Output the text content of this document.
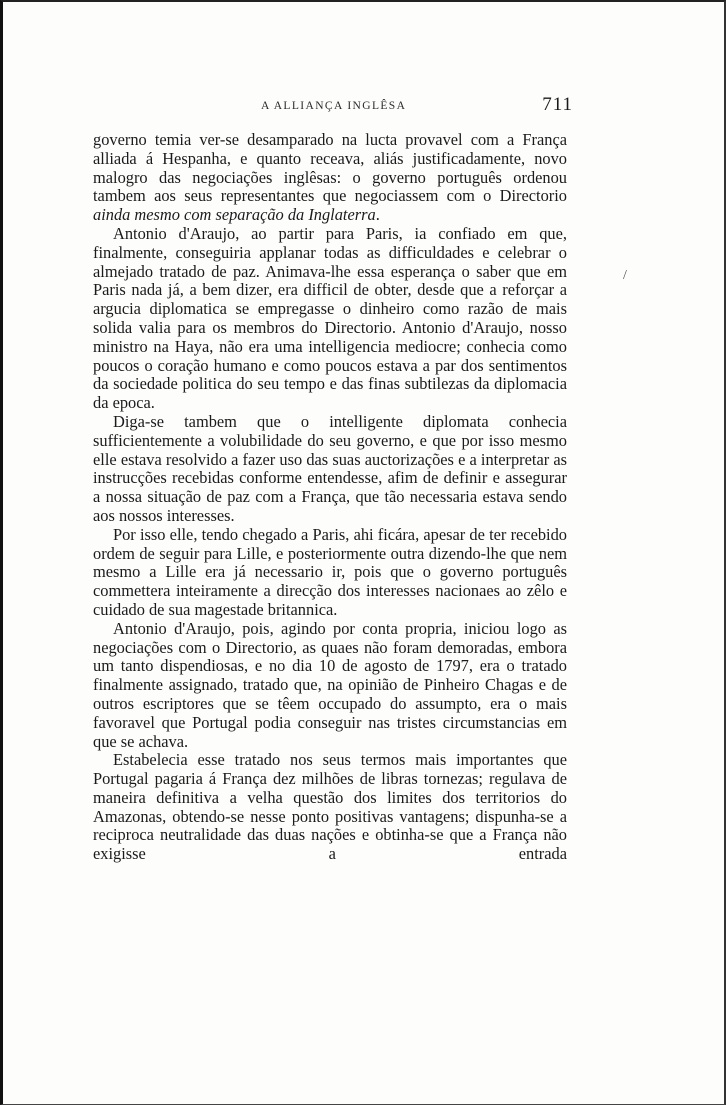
A ALLIANÇA INGLÊSA	711

governo temia ver-se desamparado na lucta provavel com a França alliada á Hespanha, e quanto receava, aliás justificadamente, novo malogro das negociações inglêsas: o governo português ordenou tambem aos seus representantes que negociassem com o Directorio ainda mesmo com separação da Inglaterra.

Antonio d'Araujo, ao partir para Paris, ia confiado em que, finalmente, conseguiria applanar todas as difficuldades e celebrar o almejado tratado de paz. Animava-lhe essa esperança o saber que em Paris nada já, a bem dizer, era difficil de obter, desde que a reforçar a argucia diplomatica se empregasse o dinheiro como razão de mais solida valia para os membros do Directorio. Antonio d'Araujo, nosso ministro na Haya, não era uma intelligencia mediocre; conhecia como poucos o coração humano e como poucos estava a par dos sentimentos da sociedade politica do seu tempo e das finas subtilezas da diplomacia da epoca.

Diga-se tambem que o intelligente diplomata conhecia sufficientemente a volubilidade do seu governo, e que por isso mesmo elle estava resolvido a fazer uso das suas auctorizações e a interpretar as instrucções recebidas conforme entendesse, afim de definir e assegurar a nossa situação de paz com a França, que tão necessaria estava sendo aos nossos interesses.

Por isso elle, tendo chegado a Paris, ahi ficára, apesar de ter recebido ordem de seguir para Lille, e posteriormente outra dizendo-lhe que nem mesmo a Lille era já necessario ir, pois que o governo português commettera inteiramente a direcção dos interesses nacionaes ao zêlo e cuidado de sua magestade britannica.

Antonio d'Araujo, pois, agindo por conta propria, iniciou logo as negociações com o Directorio, as quaes não foram demoradas, embora um tanto dispendiosas, e no dia 10 de agosto de 1797, era o tratado finalmente assignado, tratado que, na opinião de Pinheiro Chagas e de outros escriptores que se têem occupado do assumpto, era o mais favoravel que Portugal podia conseguir nas tristes circumstancias em que se achava.

Estabelecia esse tratado nos seus termos mais importantes que Portugal pagaria á França dez milhões de libras tornezas; regulava de maneira definitiva a velha questão dos limites dos territorios do Amazonas, obtendo-se nesse ponto positivas vantagens; dispunha-se a reciproca neutralidade das duas nações e obtinha-se que a França não exigisse a entrada

/
